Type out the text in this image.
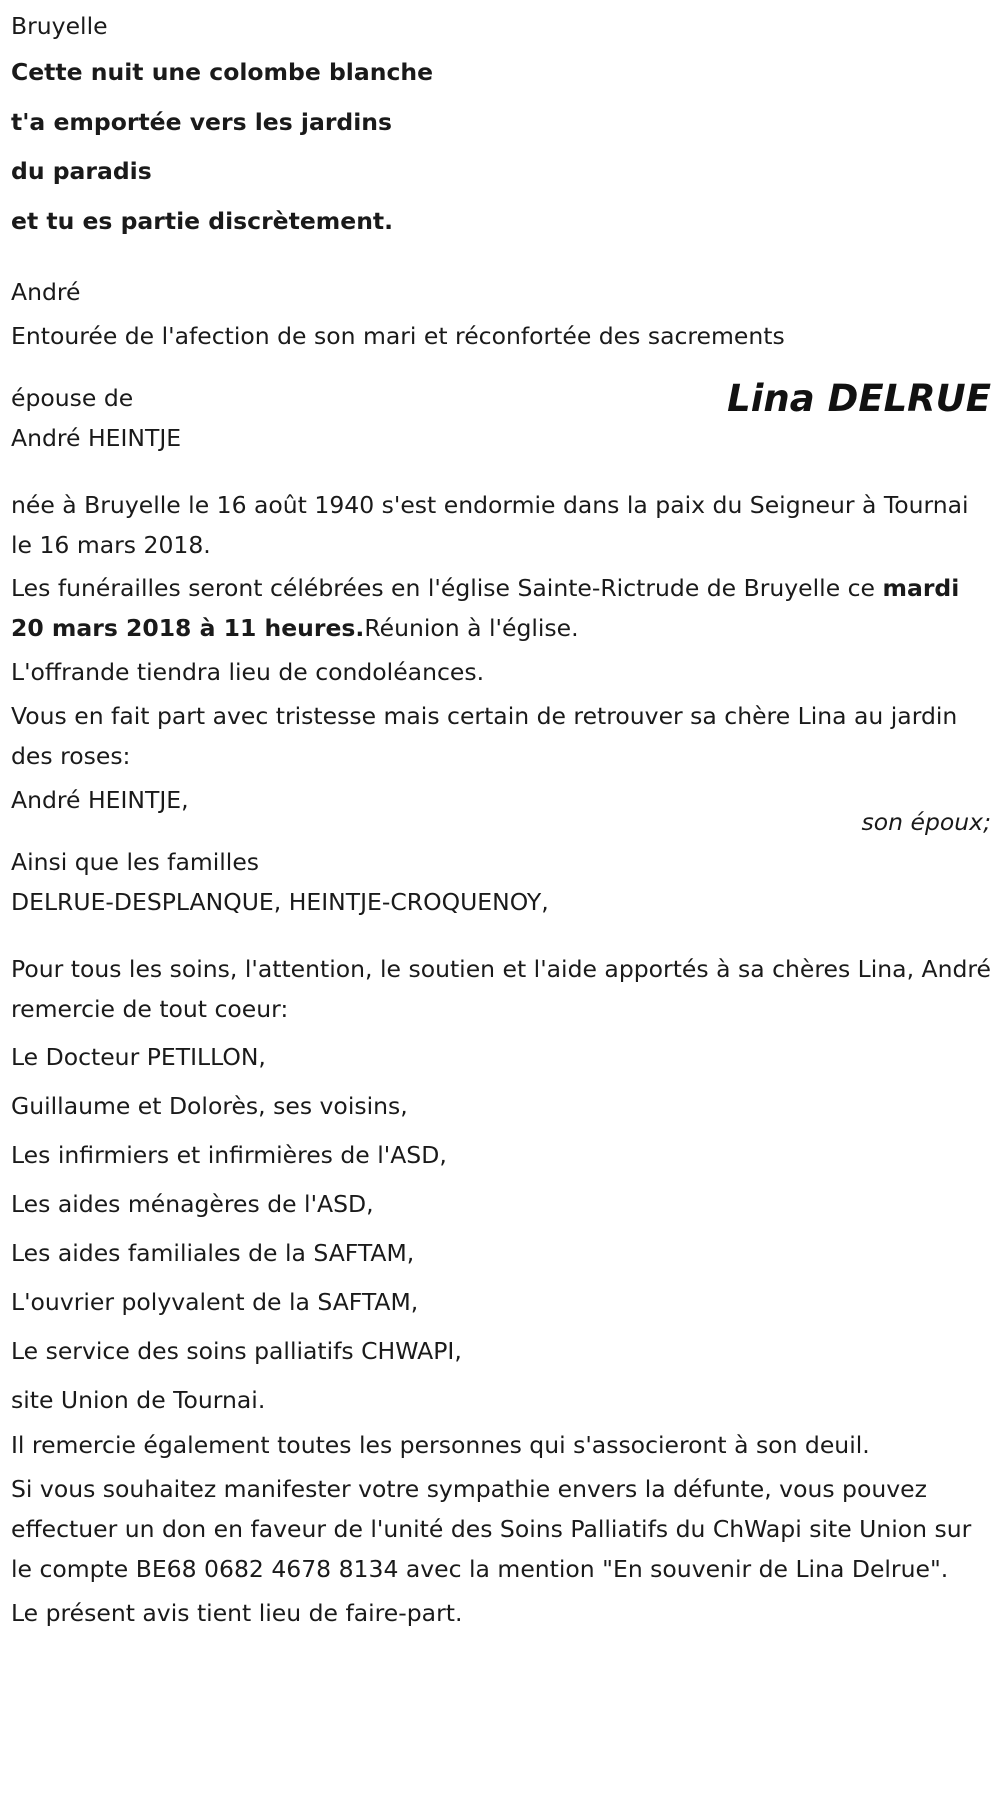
Bruyelle

Cette nuit une colombe blanche

t'a emportée vers les jardins

du paradis

et tu es partie discrètement.

André

Entourée de l'afection de son mari et réconfortée des sacrements

épouse de

André HEINTJE

Lina DELRUE

née à Bruyelle le 16 août 1940 s'est endormie dans la paix du Seigneur à Tournai le 16 mars 2018.

Les funérailles seront célébrées en l'église Sainte-Rictrude de Bruyelle ce mardi 20 mars 2018 à 11 heures.Réunion à l'église.

L'offrande tiendra lieu de condoléances.

Vous en fait part avec tristesse mais certain de retrouver sa chère Lina au jardin des roses:

André HEINTJE,

son époux;

Ainsi que les familles

DELRUE-DESPLANQUE, HEINTJE-CROQUENOY,

Pour tous les soins, l'attention, le soutien et l'aide apportés à sa chères Lina, André remercie de tout coeur:

Le Docteur PETILLON,

Guillaume et Dolorès, ses voisins,

Les infirmiers et infirmières de l'ASD,

Les aides ménagères de l'ASD,

Les aides familiales de la SAFTAM,

L'ouvrier polyvalent de la SAFTAM,

Le service des soins palliatifs CHWAPI,

site Union de Tournai.

Il remercie également toutes les personnes qui s'associeront à son deuil.

Si vous souhaitez manifester votre sympathie envers la défunte, vous pouvez effectuer un don en faveur de l'unité des Soins Palliatifs du ChWapi site Union sur le compte BE68 0682 4678 8134 avec la mention "En souvenir de Lina Delrue".

Le présent avis tient lieu de faire-part.
